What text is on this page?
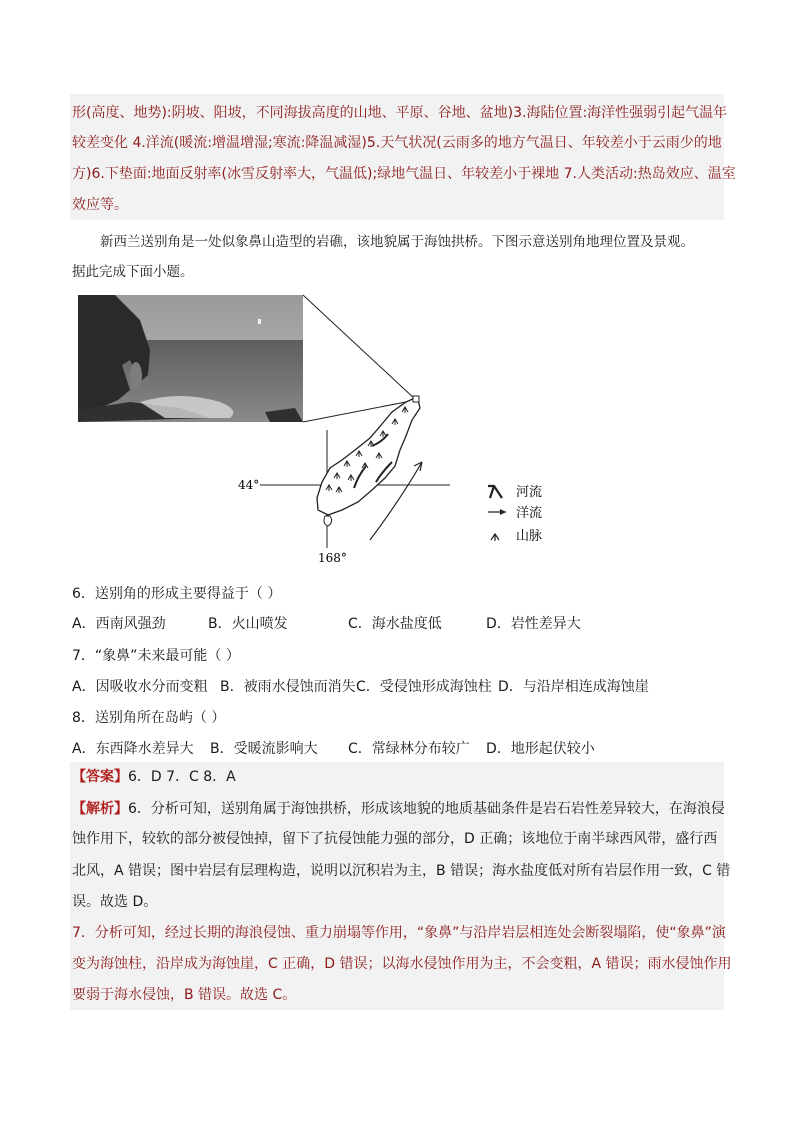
形(高度、地势):阴坡、阳坡，不同海拔高度的山地、平原、谷地、盆地)3.海陆位置:海洋性强弱引起气温年
较差变化 4.洋流(暖流:增温增湿;寒流:降温减湿)5.天气状况(云雨多的地方气温日、年较差小于云雨少的地
方)6.下垫面:地面反射率(冰雪反射率大，气温低);绿地气温日、年较差小于裸地 7.人类活动:热岛效应、温室
效应等。
新西兰送别角是一处似象鼻山造型的岩礁，该地貌属于海蚀拱桥。下图示意送别角地理位置及景观。
据此完成下面小题。
44°
168°
河流
洋流
山脉
6．送别角的形成主要得益于（ ）
A．西南风强劲	B．火山喷发	C．海水盐度低	D．岩性差异大
7．“象鼻”未来最可能（ ）
A．因吸收水分而变粗 B．被雨水侵蚀而消失 C．受侵蚀形成海蚀柱 D．与沿岸相连成海蚀崖
8．送别角所在岛屿（ ）
A．东西降水差异大 B．受暖流影响大 C．常绿林分布较广 D．地形起伏较小
【答案】6．D 7．C 8．A
【解析】6．分析可知，送别角属于海蚀拱桥，形成该地貌的地质基础条件是岩石岩性差异较大，在海浪侵
蚀作用下，较软的部分被侵蚀掉，留下了抗侵蚀能力强的部分，D 正确；该地位于南半球西风带，盛行西
北风，A 错误；图中岩层有层理构造，说明以沉积岩为主，B 错误；海水盐度低对所有岩层作用一致，C 错
误。故选 D。
7．分析可知，经过长期的海浪侵蚀、重力崩塌等作用，“象鼻”与沿岸岩层相连处会断裂塌陷，使“象鼻”演
变为海蚀柱，沿岸成为海蚀崖，C 正确，D 错误；以海水侵蚀作用为主，不会变粗，A 错误；雨水侵蚀作用
要弱于海水侵蚀，B 错误。故选 C。
